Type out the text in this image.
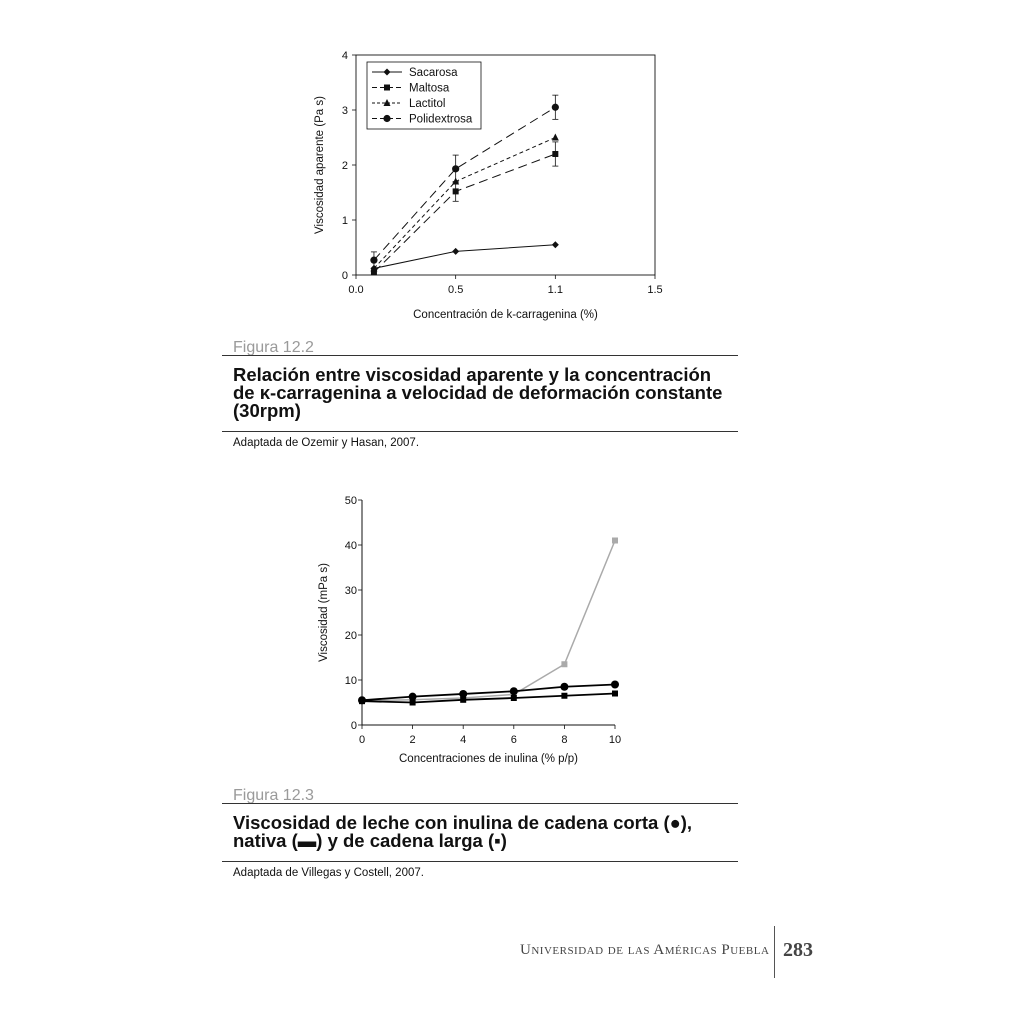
0.0	0.5	1.1	1.5
0
1
2
3
4
Concentración de k-carragenina (%)
Viscosidad aparente (Pa s)
Sacarosa
Maltosa
Lactitol
Polidextrosa
Figura 12.2
Relación entre viscosidad aparente y la concentración
de κ-carragenina a velocidad de deformación constante
(30rpm)
Adaptada de Ozemir y Hasan, 2007.
0	2	4	6	8	10
0
10
20
30
40
50
Concentraciones de inulina (% p/p)
Viscosidad (mPa s)
Figura 12.3
Viscosidad de leche con inulina de cadena corta (●),
nativa (▬) y de cadena larga (▪)
Adaptada de Villegas y Costell, 2007.
Universidad de las Américas Puebla 283
